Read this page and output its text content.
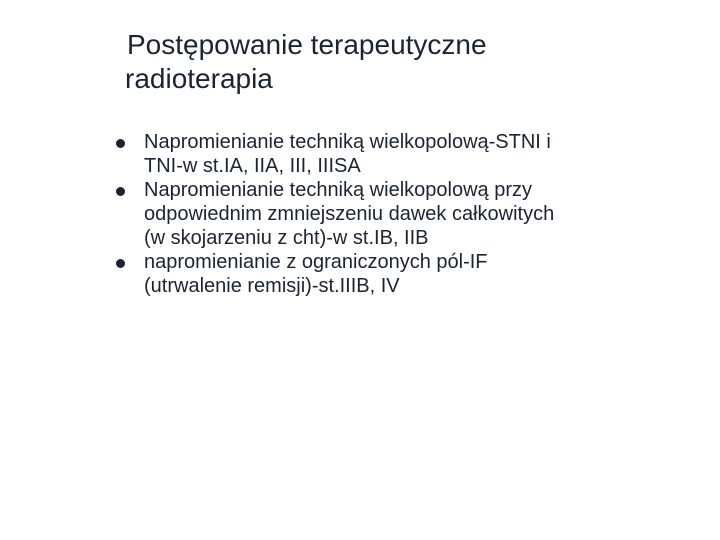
Postępowanie terapeutyczne
radioterapia
Napromienianie techniką wielkopolową-STNI i
TNI-w st.IA, IIA, III, IIISA
Napromienianie techniką wielkopolową przy
odpowiednim zmniejszeniu dawek całkowitych
(w skojarzeniu z cht)-w st.IB, IIB
napromienianie z ograniczonych pól-IF
(utrwalenie remisji)-st.IIIB, IV
